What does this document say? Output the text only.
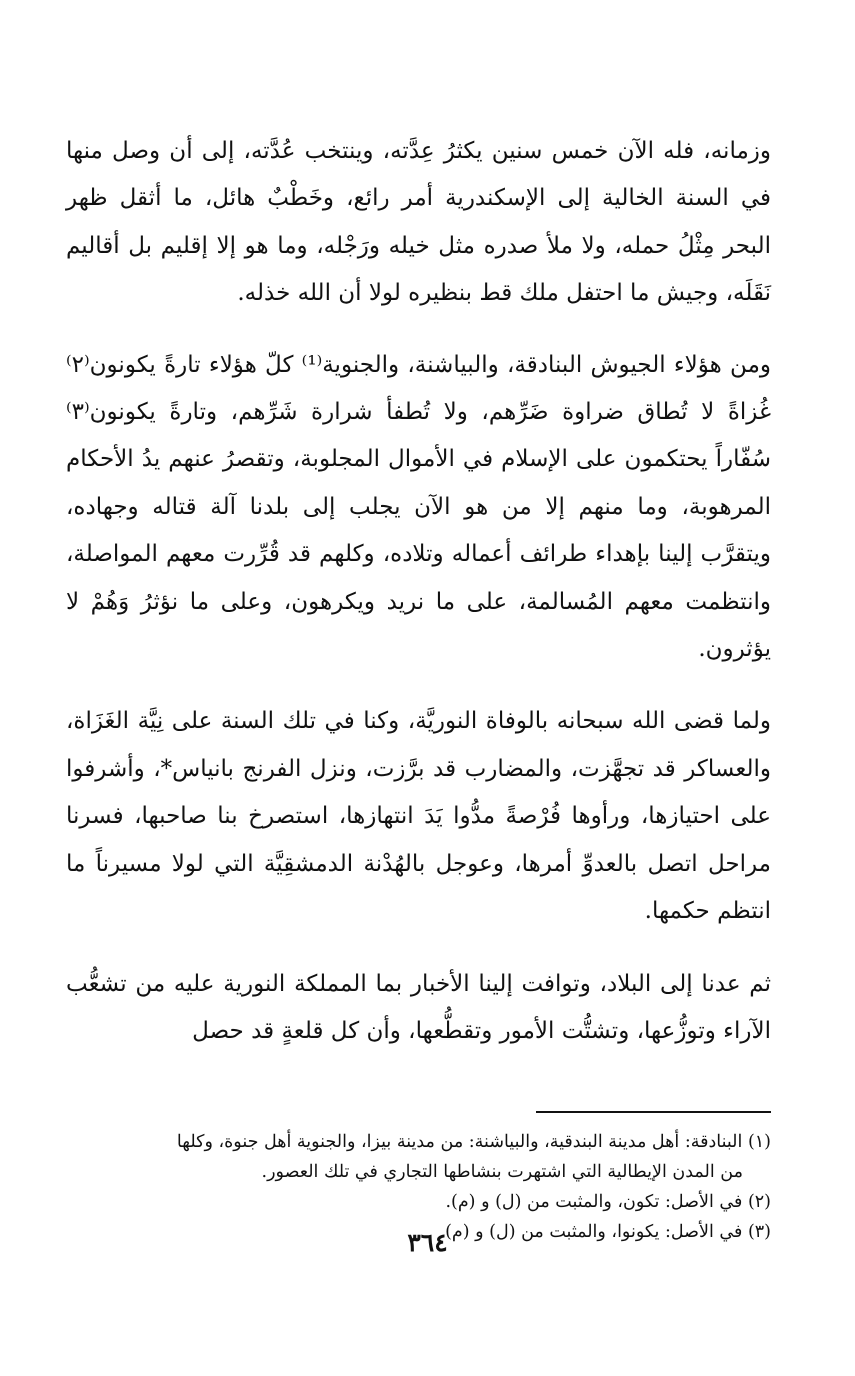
وزمانه، فله الآن خمس سنين يكثرُ عِدَّته، وينتخب عُدَّته، إلى أن وصل منها في السنة الخالية إلى الإسكندرية أمر رائع، وخَطْبٌ هائل، ما أثقل ظهر البحر مِثْلُ حمله، ولا ملأ صدره مثل خيله ورَجْله، وما هو إلا إقليم بل أقاليم نَقَلَه، وجيش ما احتفل ملك قط بنظيره لولا أن الله خذله.

ومن هؤلاء الجيوش البنادقة، والبياشنة، والجنوية⁽¹⁾ كلّ هؤلاء تارةً يكونون⁽٢⁾ غُزاةً لا تُطاق ضراوة ضَرِّهم، ولا تُطفأ شرارة شَرِّهم، وتارةً يكونون⁽٣⁾ سُفّاراً يحتكمون على الإسلام في الأموال المجلوبة، وتقصرُ عنهم يدُ الأحكام المرهوبة، وما منهم إلا من هو الآن يجلب إلى بلدنا آلة قتاله وجهاده، ويتقرَّب إلينا بإهداء طرائف أعماله وتلاده، وكلهم قد قُرِّرت معهم المواصلة، وانتظمت معهم المُسالمة، على ما نريد ويكرهون، وعلى ما نؤثرُ وَهُمْ لا يؤثرون.

ولما قضى الله سبحانه بالوفاة النوريَّة، وكنا في تلك السنة على نِيَّة الغَزَاة، والعساكر قد تجهَّزت، والمضارب قد برَّزت، ونزل الفرنج بانياس*، وأشرفوا على احتيازها، ورأوها فُرْصةً مدُّوا يَدَ انتهازها، استصرخ بنا صاحبها، فسرنا مراحل اتصل بالعدوِّ أمرها، وعوجل بالهُدْنة الدمشقِيَّة التي لولا مسيرناً ما انتظم حكمها.

ثم عدنا إلى البلاد، وتوافت إلينا الأخبار بما المملكة النورية عليه من تشعُّب الآراء وتوزُّعها، وتشتُّت الأمور وتقطُّعها، وأن كل قلعةٍ قد حصل

(١) البنادقة: أهل مدينة البندقية، والبياشنة: من مدينة بيزا، والجنوية أهل جنوة، وكلها
من المدن الإيطالية التي اشتهرت بنشاطها التجاري في تلك العصور.
(٢) في الأصل: تكون، والمثبت من (ل) و (م).
(٣) في الأصل: يكونوا، والمثبت من (ل) و (م).
٣٦٤
